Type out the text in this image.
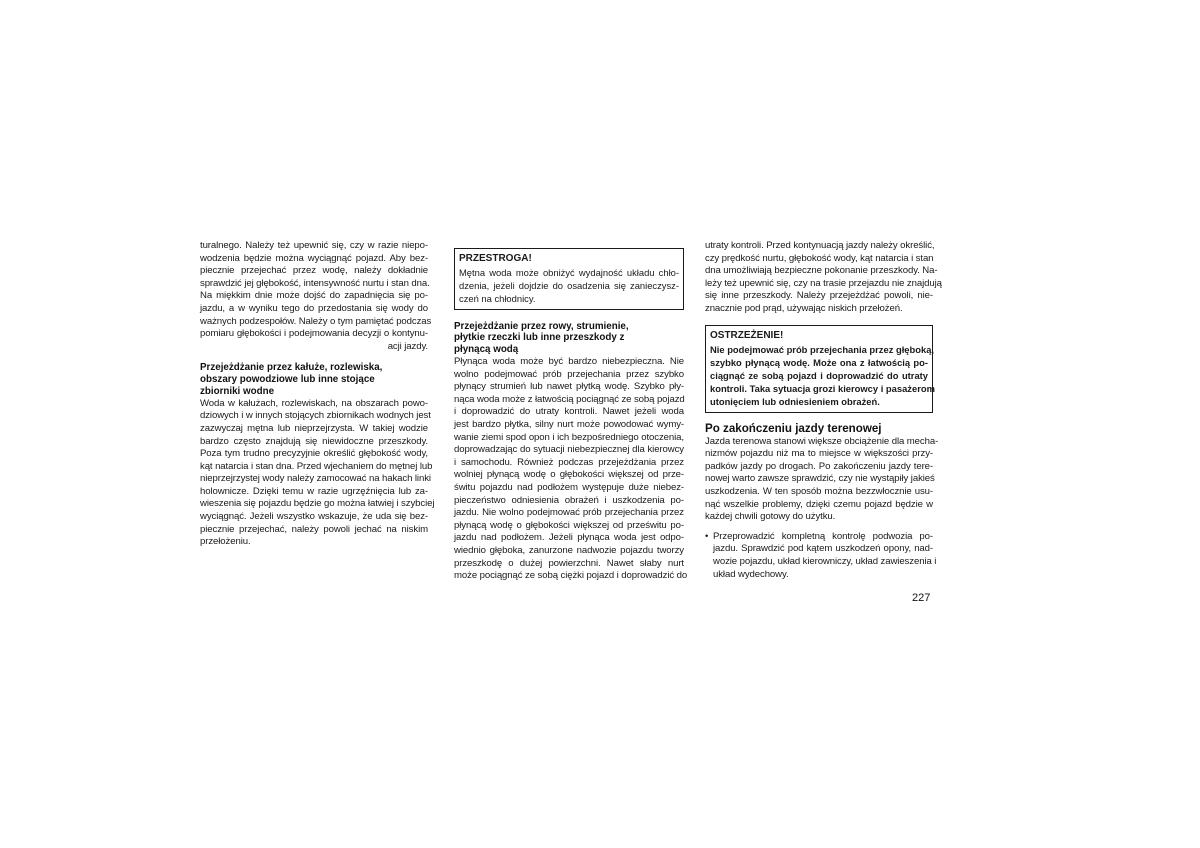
turalnego. Należy też upewnić się, czy w razie niepo-
wodzenia będzie można wyciągnąć pojazd. Aby bez-
piecznie przejechać przez wodę, należy dokładnie
sprawdzić jej głębokość, intensywność nurtu i stan dna.
Na miękkim dnie może dojść do zapadnięcia się po-
jazdu, a w wyniku tego do przedostania się wody do
ważnych podzespołów. Należy o tym pamiętać podczas
pomiaru głębokości i podejmowania decyzji o kontynu-
acji jazdy.

Przejeżdżanie przez kałuże, rozlewiska,
obszary powodziowe lub inne stojące
zbiorniki wodne

Woda w kałużach, rozlewiskach, na obszarach powo-
dziowych i w innych stojących zbiornikach wodnych jest
zazwyczaj mętna lub nieprzejrzysta. W takiej wodzie
bardzo często znajdują się niewidoczne przeszkody.
Poza tym trudno precyzyjnie określić głębokość wody,
kąt natarcia i stan dna. Przed wjechaniem do mętnej lub
nieprzejrzystej wody należy zamocować na hakach linki
holownicze. Dzięki temu w razie ugrzęźnięcia lub za-
wieszenia się pojazdu będzie go można łatwiej i szybciej
wyciągnąć. Jeżeli wszystko wskazuje, że uda się bez-
piecznie przejechać, należy powoli jechać na niskim
przełożeniu.

PRZESTROGA!

Mętna woda może obniżyć wydajność układu chło-
dzenia, jeżeli dojdzie do osadzenia się zanieczysz-
czeń na chłodnicy.

Przejeżdżanie przez rowy, strumienie,
płytkie rzeczki lub inne przeszkody z
płynącą wodą

Płynąca woda może być bardzo niebezpieczna. Nie
wolno podejmować prób przejechania przez szybko
płynący strumień lub nawet płytką wodę. Szybko pły-
nąca woda może z łatwością pociągnąć ze sobą pojazd
i doprowadzić do utraty kontroli. Nawet jeżeli woda
jest bardzo płytka, silny nurt może powodować wymy-
wanie ziemi spod opon i ich bezpośredniego otoczenia,
doprowadzając do sytuacji niebezpiecznej dla kierowcy
i samochodu. Również podczas przejeżdżania przez
wolniej płynącą wodę o głębokości większej od prze-
świtu pojazdu nad podłożem występuje duże niebez-
pieczeństwo odniesienia obrażeń i uszkodzenia po-
jazdu. Nie wolno podejmować prób przejechania przez
płynącą wodę o głębokości większej od prześwitu po-
jazdu nad podłożem. Jeżeli płynąca woda jest odpo-
wiednio głęboka, zanurzone nadwozie pojazdu tworzy
przeszkodę o dużej powierzchni. Nawet słaby nurt
może pociągnąć ze sobą ciężki pojazd i doprowadzić do

utraty kontroli. Przed kontynuacją jazdy należy określić,
czy prędkość nurtu, głębokość wody, kąt natarcia i stan
dna umożliwiają bezpieczne pokonanie przeszkody. Na-
leży też upewnić się, czy na trasie przejazdu nie znajdują
się inne przeszkody. Należy przejeżdżać powoli, nie-
znacznie pod prąd, używając niskich przełożeń.

OSTRZEŻENIE!

Nie podejmować prób przejechania przez głęboką,
szybko płynącą wodę. Może ona z łatwością po-
ciągnąć ze sobą pojazd i doprowadzić do utraty
kontroli. Taka sytuacja grozi kierowcy i pasażerom
utonięciem lub odniesieniem obrażeń.

Po zakończeniu jazdy terenowej

Jazda terenowa stanowi większe obciążenie dla mecha-
nizmów pojazdu niż ma to miejsce w większości przy-
padków jazdy po drogach. Po zakończeniu jazdy tere-
nowej warto zawsze sprawdzić, czy nie wystąpiły jakieś
uszkodzenia. W ten sposób można bezzwłocznie usu-
nąć wszelkie problemy, dzięki czemu pojazd będzie w
każdej chwili gotowy do użytku.

• Przeprowadzić kompletną kontrolę podwozia po-
jazdu. Sprawdzić pod kątem uszkodzeń opony, nad-
wozie pojazdu, układ kierowniczy, układ zawieszenia i
układ wydechowy.

227
